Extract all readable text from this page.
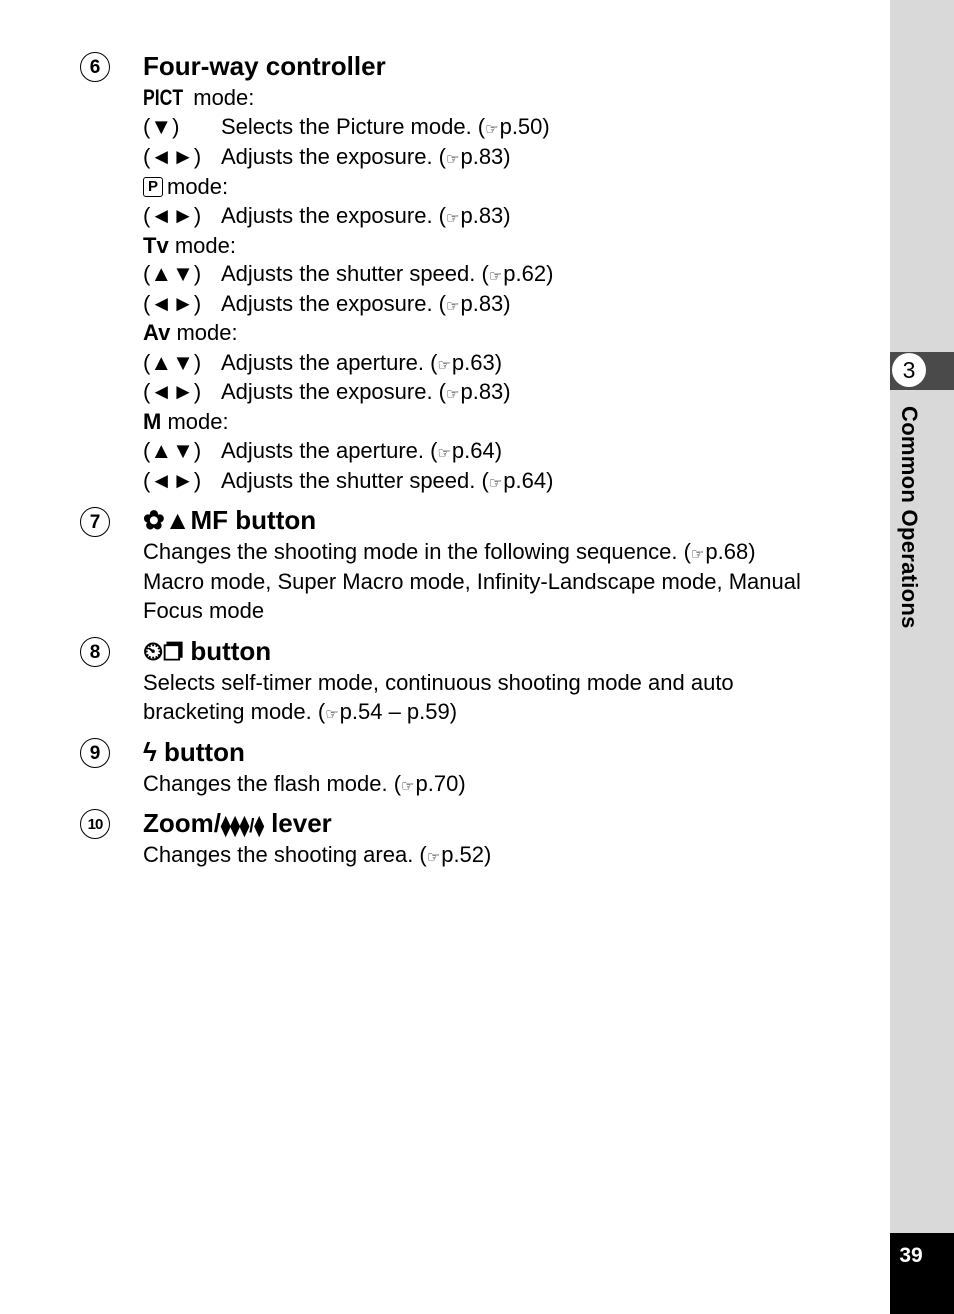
3
Common Operations
39
6	Four-way controller
PICT mode:
(▼) Selects the Picture mode. (☞p.50)
(◄►) Adjusts the exposure. (☞p.83)
P mode:
(◄►) Adjusts the exposure. (☞p.83)
Tv mode:
(▲▼) Adjusts the shutter speed. (☞p.62)
(◄►) Adjusts the exposure. (☞p.83)
Av mode:
(▲▼) Adjusts the aperture. (☞p.63)
(◄►) Adjusts the exposure. (☞p.83)
M mode:
(▲▼) Adjusts the aperture. (☞p.64)
(◄►) Adjusts the shutter speed. (☞p.64)
7	✿▲MF button
Changes the shooting mode in the following sequence. (☞p.68)
Macro mode, Super Macro mode, Infinity-Landscape mode, Manual
Focus mode
8	⏲❐ button
Selects self-timer mode, continuous shooting mode and auto
bracketing mode. (☞p.54 – p.59)
9	ϟ button
Changes the flash mode. (☞p.70)
10 Zoom/⧫⧫⧫/⧫ lever
Changes the shooting area. (☞p.52)
